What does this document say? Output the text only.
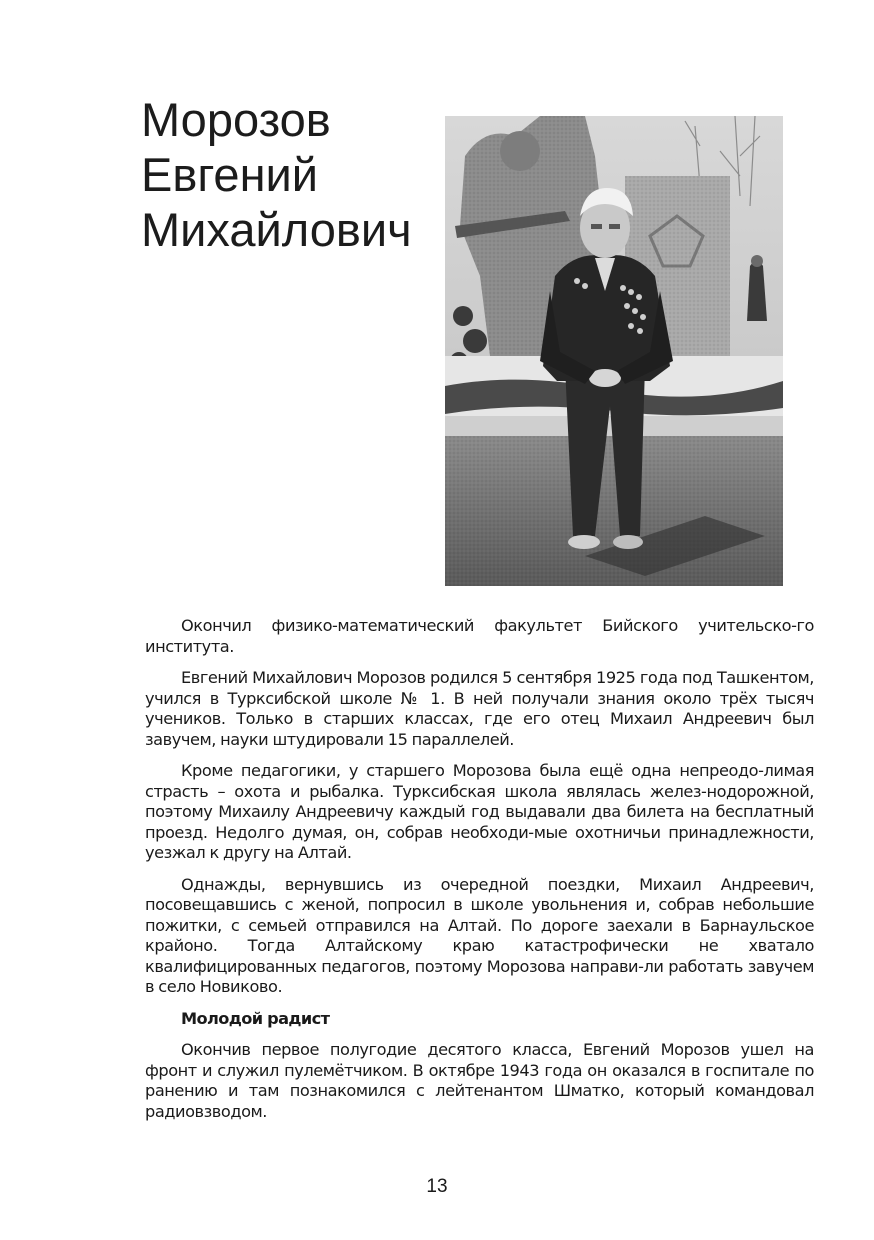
Морозов
Евгений
Михайлович

Окончил физико-математический факультет Бийского учительско-го института.

Евгений Михайлович Морозов родился 5 сентября 1925 года под Ташкентом, учился в Турксибской школе № 1. В ней получали знания около трёх тысяч учеников. Только в старших классах, где его отец Михаил Андреевич был завучем, науки штудировали 15 параллелей.

Кроме педагогики, у старшего Морозова была ещё одна непреодо-лимая страсть – охота и рыбалка. Турксибская школа являлась желез-нодорожной, поэтому Михаилу Андреевичу каждый год выдавали два билета на бесплатный проезд. Недолго думая, он, собрав необходи-мые охотничьи принадлежности, уезжал к другу на Алтай.

Однажды, вернувшись из очередной поездки, Михаил Андреевич, посовещавшись с женой, попросил в школе увольнения и, собрав небольшие пожитки, с семьей отправился на Алтай. По дороге заехали в Барнаульское крайоно. Тогда Алтайскому краю катастрофически не хватало квалифицированных педагогов, поэтому Морозова направи-ли работать завучем в село Новиково.

Молодой радист

Окончив первое полугодие десятого класса, Евгений Морозов ушел на фронт и служил пулемётчиком. В октябре 1943 года он оказался в госпитале по ранению и там познакомился с лейтенантом Шматко, который командовал радиовзводом.

13
